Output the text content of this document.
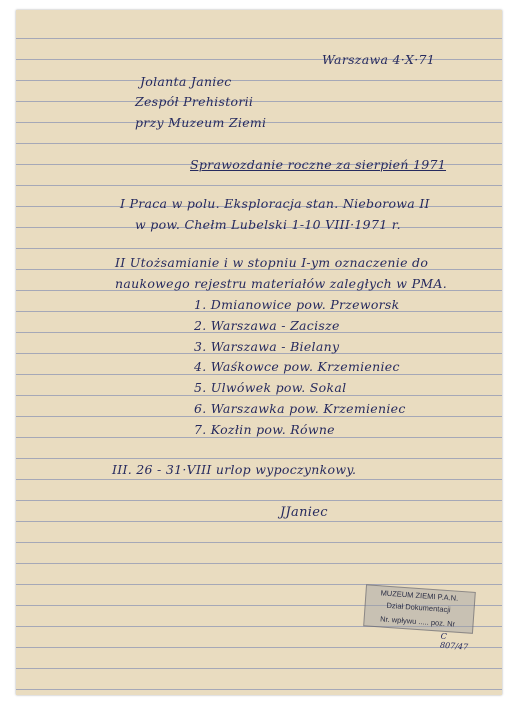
Warszawa 4·X·71
Jolanta Janiec
Zespół Prehistorii
przy Muzeum Ziemi
Sprawozdanie roczne za sierpień 1971
I Praca w polu. Eksploracja stan. Nieborowa II
w pow. Chełm Lubelski 1-10 VIII·1971 r.
II Utożsamianie i w stopniu I-ym oznaczenie do
naukowego rejestru materiałów zaległych w PMA.
1. Dmianowice pow. Przeworsk
2. Warszawa - Zacisze
3. Warszawa - Bielany
4. Waśkowce pow. Krzemieniec
5. Ulwówek pow. Sokal
6. Warszawka pow. Krzemieniec
7. Kozłin pow. Równe
III. 26 - 31·VIII urlop wypoczynkowy.
JJaniec
MUZEUM ZIEMI P.A.N.
Dział Dokumentacji
Nr. wpływu ..... poz. Nr
C 807/47
